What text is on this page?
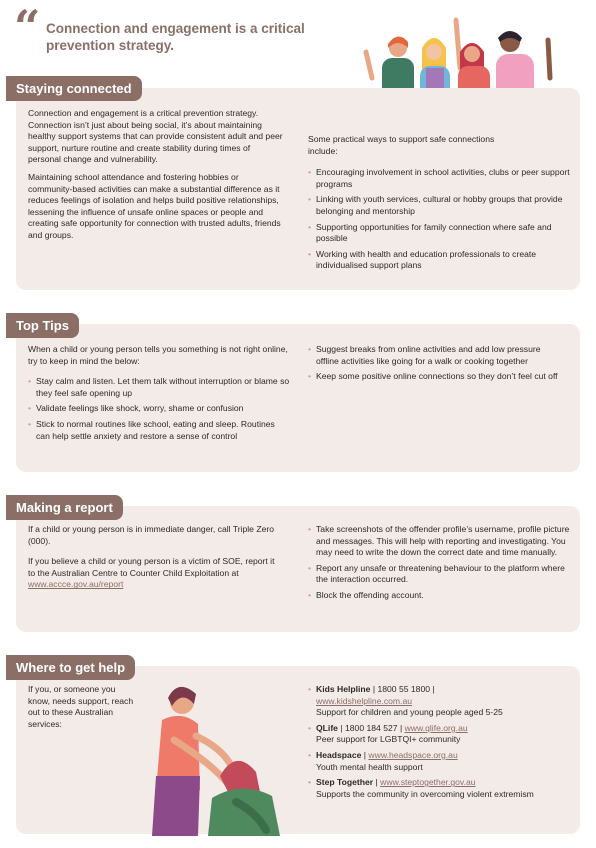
“ Connection and engagement is a critical prevention strategy.

Connection and engagement is a critical prevention strategy. Connection isn’t just about being social, it’s about maintaining healthy support systems that can provide consistent adult and peer support, nurture routine and create stability during times of personal change and vulnerability.

Maintaining school attendance and fostering hobbies or community-based activities can make a substantial difference as it reduces feelings of isolation and helps build positive relationships, lessening the influence of unsafe online spaces or people and creating safe opportunity for connection with trusted adults, friends and groups.

Some practical ways to support safe connections include:

• Encouraging involvement in school activities, clubs or peer support programs
• Linking with youth services, cultural or hobby groups that provide belonging and mentorship
• Supporting opportunities for family connection where safe and possible
• Working with health and education professionals to create individualised support plans
Staying connected

When a child or young person tells you something is not right online, try to keep in mind the below:

• Stay calm and listen. Let them talk without interruption or blame so they feel safe opening up
• Validate feelings like shock, worry, shame or confusion
• Stick to normal routines like school, eating and sleep. Routines can help settle anxiety and restore a sense of control
• Suggest breaks from online activities and add low pressure offline activities like going for a walk or cooking together
• Keep some positive online connections so they don’t feel cut off
Top Tips

If a child or young person is in immediate danger, call Triple Zero (000).

If you believe a child or young person is a victim of SOE, report it to the Australian Centre to Counter Child Exploitation at www.accce.gov.au/report

• Take screenshots of the offender profile’s username, profile picture and messages. This will help with reporting and investigating. You may need to write the down the correct date and time manually.
• Report any unsafe or threatening behaviour to the platform where the interaction occurred.
• Block the offending account.
Making a report

If you, or someone you know, needs support, reach out to these Australian services:

• Kids Helpline | 1800 55 1800 |
www.kidshelpline.com.au
Support for children and young people aged 5-25
• QLife | 1800 184 527 | www.qlife.org.au
Peer support for LGBTQI+ community
• Headspace | www.headspace.org.au
Youth mental health support
• Step Together | www.steptogether.gov.au
Supports the community in overcoming violent extremism
Where to get help
